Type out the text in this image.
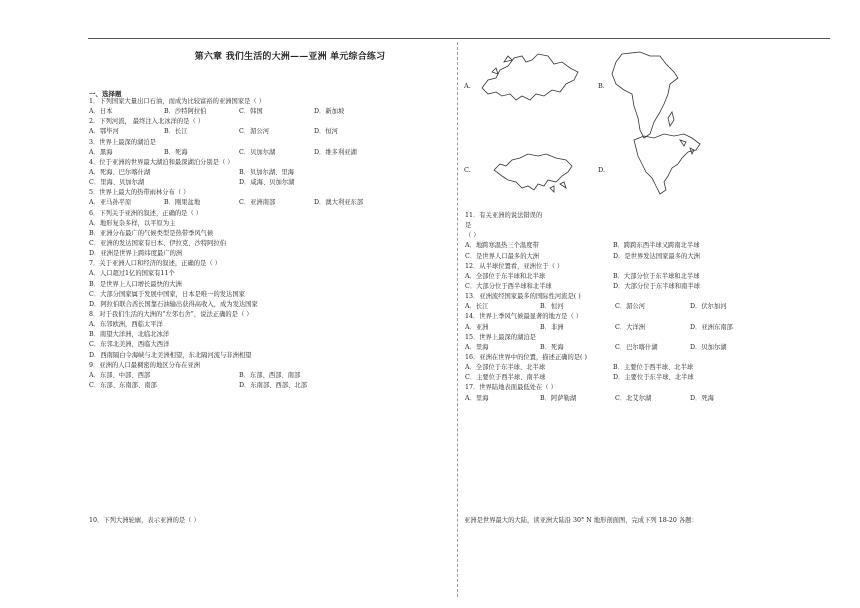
第六章 我们生活的大洲——亚洲 单元综合练习
一、选择题
1．下列国家大量出口石油，而成为比较富裕的亚洲国家是（ ）
A．日本	B．沙特阿拉伯	C．韩国	D．新加坡
2．下列河流， 最终注入北冰洋的是（ ）
A．鄂毕河	B．长江	C．湄公河	D．恒河
3．世界上最深的湖泊是
A．黑海	B．死海	C．贝加尔湖	D．维多利亚湖
4．位于亚洲的世界最大湖泊和最深湖泊分别是（ ）
A．死海、巴尔喀什湖	B．贝加尔湖、里海
C．里海、贝加尔湖	D．咸海、贝加尔湖
5．世界上最大的热带雨林分布（ ）
A．亚马孙平原	B．刚果盆地	C．亚洲南部	D．澳大利亚东部
6．下列关于亚洲的叙述，正确的是（ ）
A．地形复杂多样，以平原为主
B．亚洲分布最广的气候类型是热带季风气候
C．亚洲的发达国家有日本、伊拉克、沙特阿拉伯
D．亚洲是世界上跨纬度最广的洲
7．关于亚洲人口和经济的叙述，正确的是（ ）
A．人口超过1亿的国家有11个
B．是世界上人口增长最快的大洲
C．大部分国家属于发展中国家，日本是唯一的发达国家
D．阿拉伯联合酋长国靠石油输出获得高收入，成为发达国家
8．对于我们生活的大洲的“左邻右舍”，说法正确的是（ ）
A．东邻欧洲，西临太平洋
B．南望大洋洲，北临北冰洋
C．东邻北美洲，西临大西洋
D．西南隔白令海峡与北美洲相望，东北隔河流与非洲相望
9．亚洲的人口最稠密的地区分布在亚洲
A．东部、中部、西部	B．东部、西部、南部
C．东部、东南部、南部	D．东南部、西部、北部
10．下列大洲轮廓，表示亚洲的是（ ）
A.	B.
C.	D.
11．有关亚洲的说法错误的
是
（ ）
A．地跨寒温热三个温度带	B．跨跨东西半球又跨南北半球
C．是世界人口最多的大洲	D．是世界发达国家最多的大洲
12．从半球位置看，亚洲位于（ ）
A．全部位于东半球和北半球	B．大部分位于东半球和北半球
C．大部分位于西半球和北半球	D．大部分位于东半球和南半球
13．亚洲流经国家最多的国际性河流是( )
A．长江	B．恒河	C．湄公河	D．伏尔加河
14．世界上季风气候最显著的地方是（ ）
A．亚洲	B．非洲	C．大洋洲	D．亚洲东南部
15．世界上最深的湖泊是
A．里海	B．死海	C．巴尔喀什湖	D．贝加尔湖
16．亚洲在世界中的位置，描述正确的是( )
A．全部位于东半球、北半球	B．主要位于西半球、北半球
C．主要位于西半球、南半球	D．主要位于东半球、北半球
17．世界陆地表面最低处在（ ）
A．里海	B．阿萨勒湖	C．北艾尔湖	D．死海
亚洲是世界最大的大陆，读亚洲大陆沿 30° N 地形剖面图，完成下列 18-20 各题：
